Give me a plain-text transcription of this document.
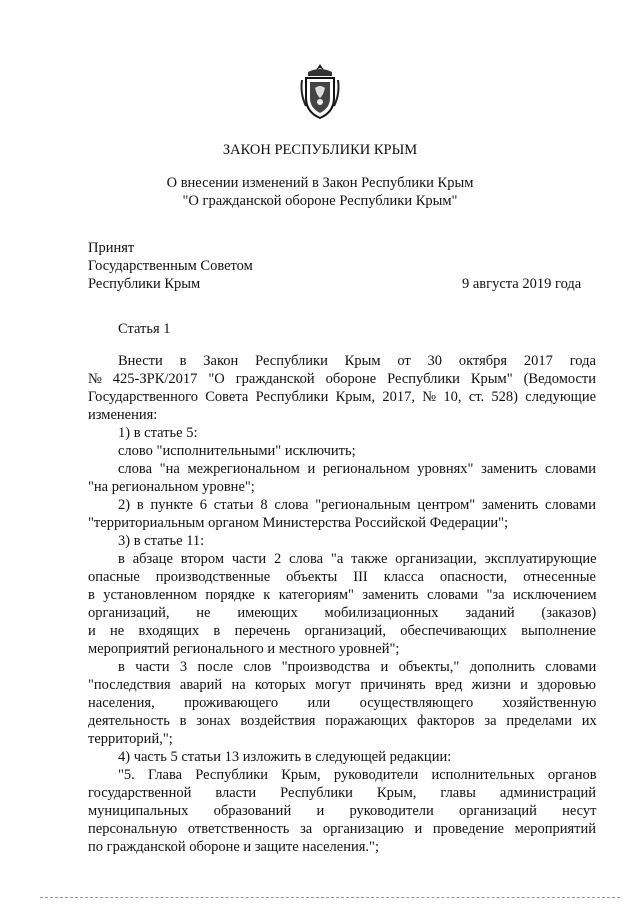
ЗАКОН РЕСПУБЛИКИ КРЫМ
О внесении изменений в Закон Республики Крым
"О гражданской обороне Республики Крым"
Принят
Государственным Советом
Республики Крым	9 августа 2019 года
Статья 1
Внести в Закон Республики Крым от 30 октября 2017 года
№ 425-ЗРК/2017 "О гражданской обороне Республики Крым" (Ведомости
Государственного Совета Республики Крым, 2017, № 10, ст. 528) следующие
изменения:
1) в статье 5:
слово "исполнительными" исключить;
слова "на межрегиональном и региональном уровнях" заменить словами
"на региональном уровне";
2) в пункте 6 статьи 8 слова "региональным центром" заменить словами
"территориальным органом Министерства Российской Федерации";
3) в статье 11:
в абзаце втором части 2 слова "а также организации, эксплуатирующие
опасные производственные объекты III класса опасности, отнесенные
в установленном порядке к категориям" заменить словами "за исключением
организаций, не имеющих мобилизационных заданий (заказов)
и не входящих в перечень организаций, обеспечивающих выполнение
мероприятий регионального и местного уровней";
в части 3 после слов "производства и объекты," дополнить словами
"последствия аварий на которых могут причинять вред жизни и здоровью
населения, проживающего или осуществляющего хозяйственную
деятельность в зонах воздействия поражающих факторов за пределами их
территорий,";
4) часть 5 статьи 13 изложить в следующей редакции:
"5. Глава Республики Крым, руководители исполнительных органов
государственной власти Республики Крым, главы администраций
муниципальных образований и руководители организаций несут
персональную ответственность за организацию и проведение мероприятий
по гражданской обороне и защите населения.";
